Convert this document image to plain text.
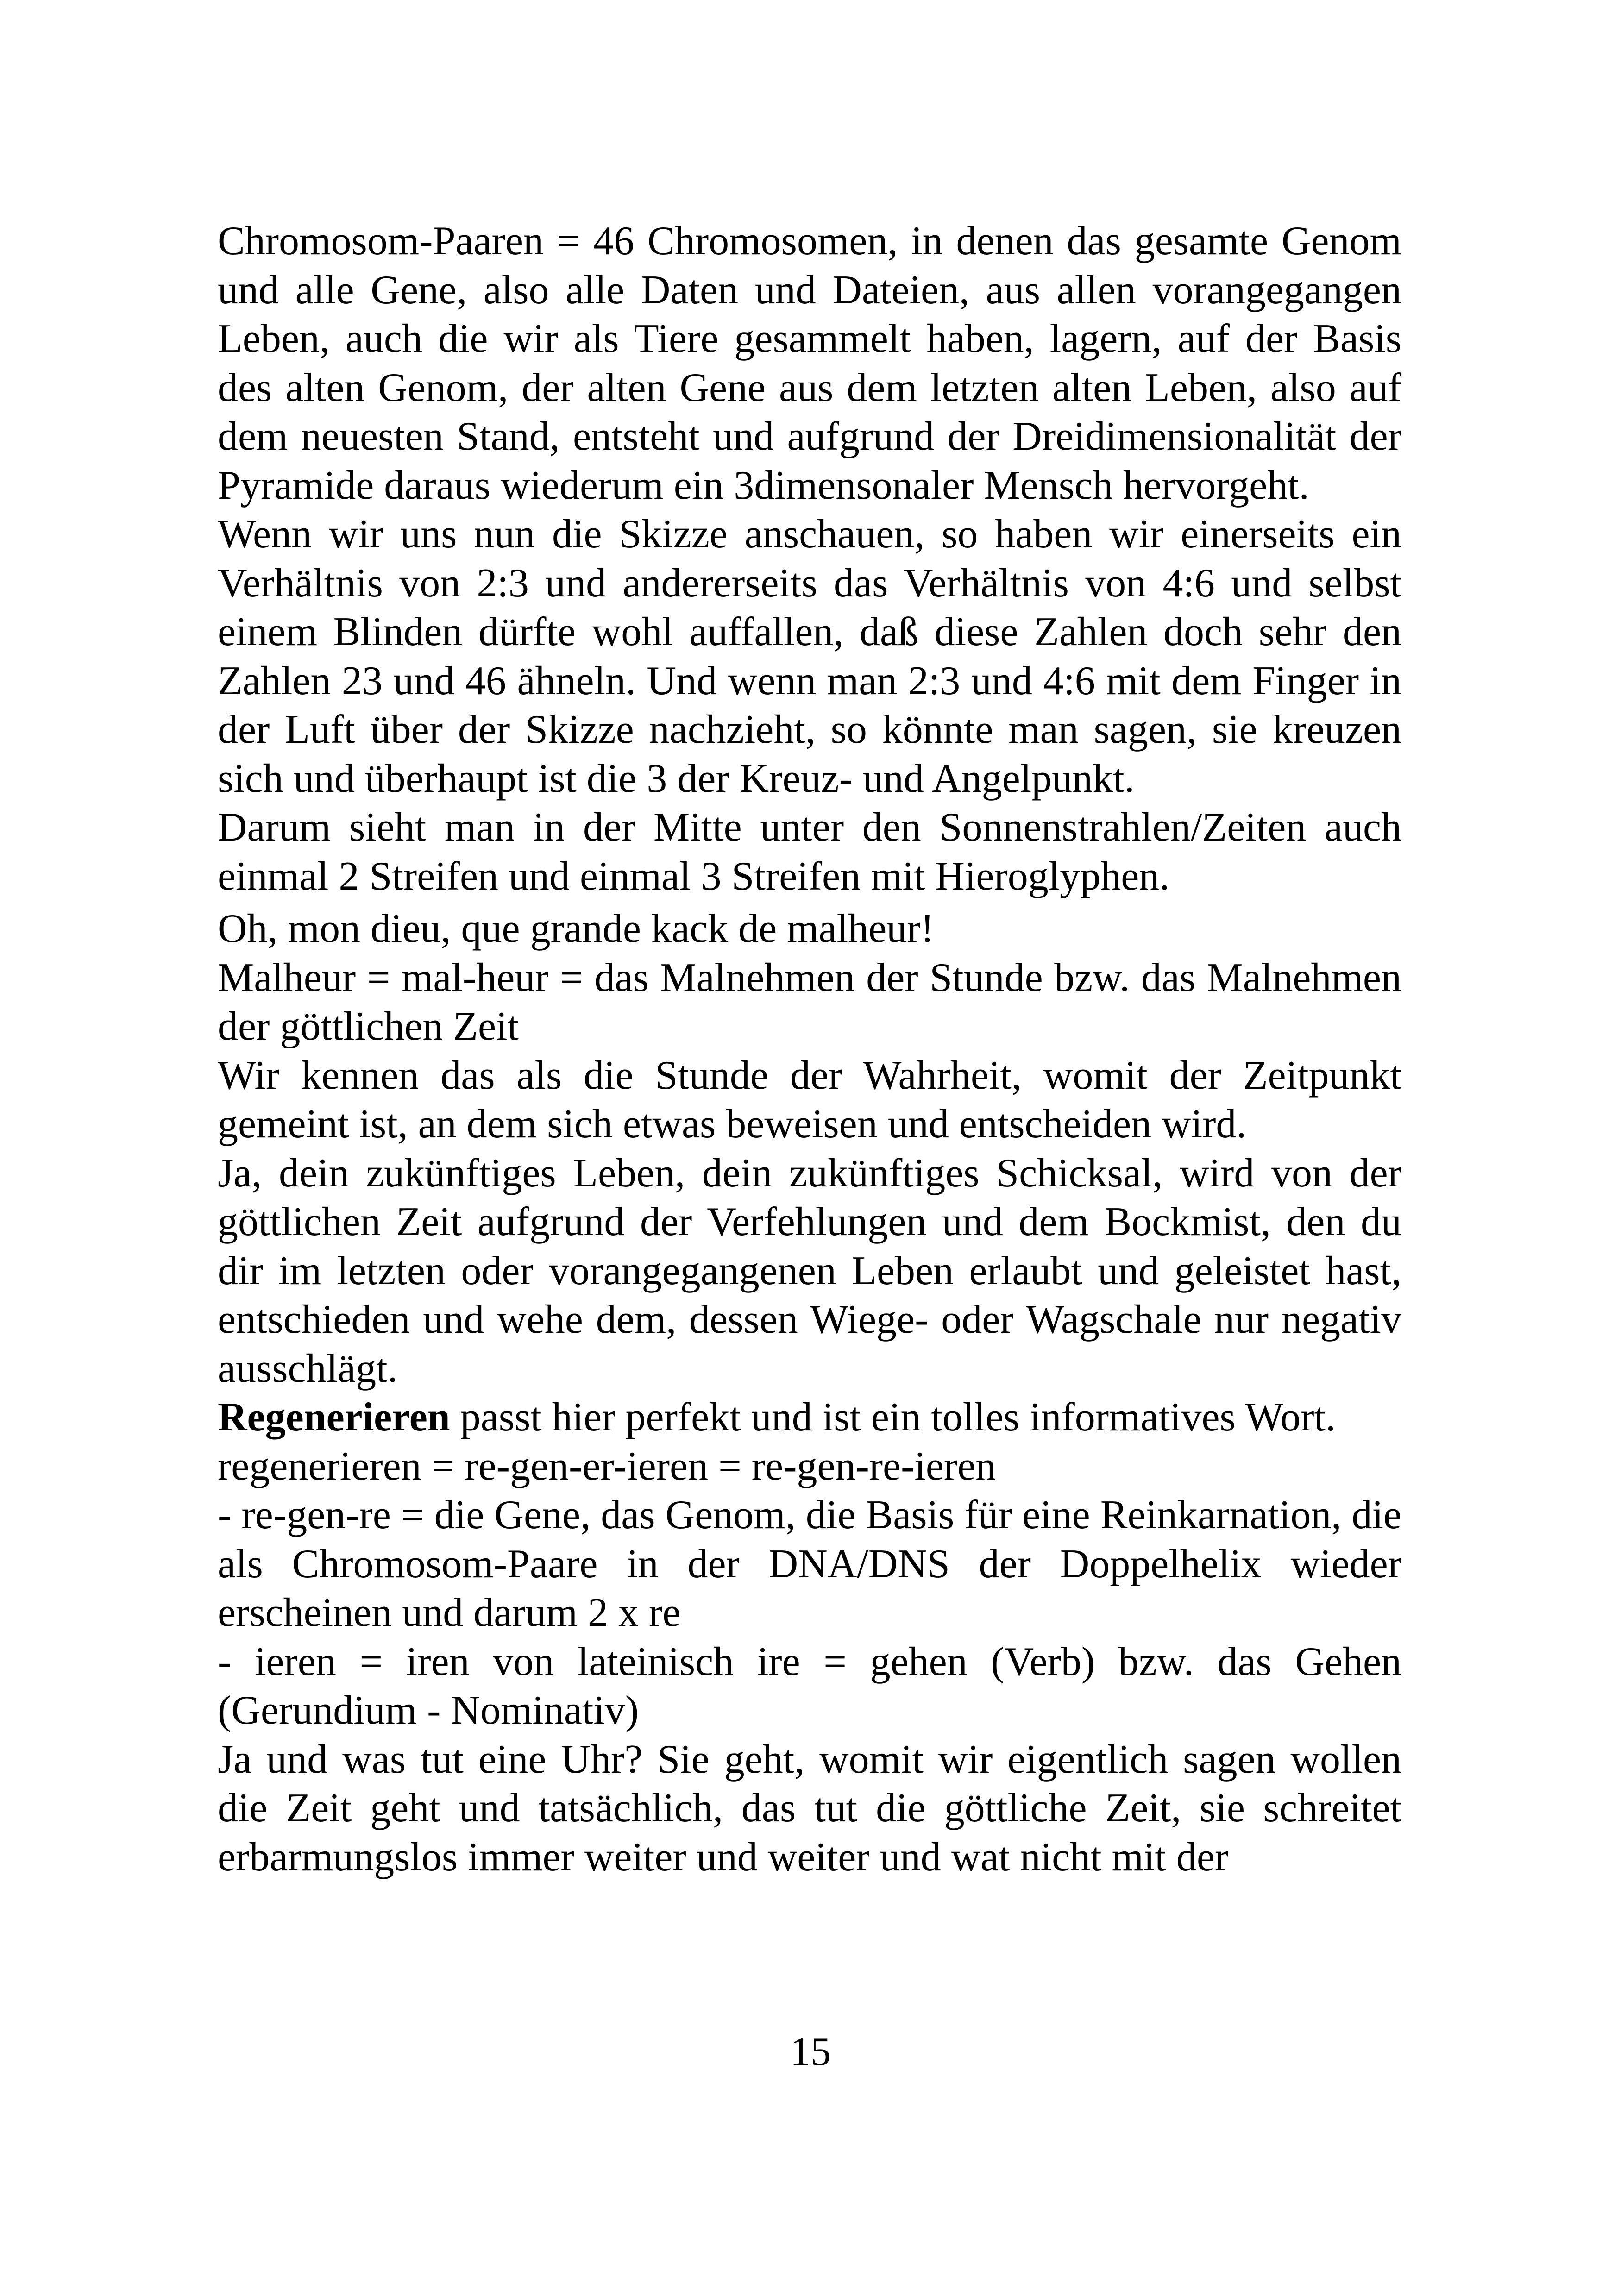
Chromosom-Paaren = 46 Chromosomen, in denen das gesamte Genom und alle Gene, also alle Daten und Dateien, aus allen vorangegangen Leben, auch die wir als Tiere gesammelt haben, lagern, auf der Basis des alten Genom, der alten Gene aus dem letzten alten Leben, also auf dem neuesten Stand, entsteht und aufgrund der Dreidimensionalität der Pyramide daraus wiederum ein 3dimensonaler Mensch hervorgeht.

Wenn wir uns nun die Skizze anschauen, so haben wir einerseits ein Verhältnis von 2:3 und andererseits das Verhältnis von 4:6 und selbst einem Blinden dürfte wohl auffallen, daß diese Zahlen doch sehr den Zahlen 23 und 46 ähneln. Und wenn man 2:3 und 4:6 mit dem Finger in der Luft über der Skizze nachzieht, so könnte man sagen, sie kreuzen sich und überhaupt ist die 3 der Kreuz- und Angelpunkt.

Darum sieht man in der Mitte unter den Sonnenstrahlen/Zeiten auch einmal 2 Streifen und einmal 3 Streifen mit Hieroglyphen.

Oh, mon dieu, que grande kack de malheur!

Malheur = mal-heur = das Malnehmen der Stunde bzw. das Malnehmen der göttlichen Zeit

Wir kennen das als die Stunde der Wahrheit, womit der Zeitpunkt gemeint ist, an dem sich etwas beweisen und entscheiden wird.

Ja, dein zukünftiges Leben, dein zukünftiges Schicksal, wird von der göttlichen Zeit aufgrund der Verfehlungen und dem Bockmist, den du dir im letzten oder vorangegangenen Leben erlaubt und geleistet hast, entschieden und wehe dem, dessen Wiege- oder Wagschale nur negativ ausschlägt.

Regenerieren passt hier perfekt und ist ein tolles informatives Wort.

regenerieren = re-gen-er-ieren = re-gen-re-ieren

- re-gen-re = die Gene, das Genom, die Basis für eine Reinkarnation, die als Chromosom-Paare in der DNA/DNS der Doppelhelix wieder erscheinen und darum 2 x re

- ieren = iren von lateinisch ire = gehen (Verb) bzw. das Gehen (Gerundium - Nominativ)

Ja und was tut eine Uhr? Sie geht, womit wir eigentlich sagen wollen die Zeit geht und tatsächlich, das tut die göttliche Zeit, sie schreitet erbarmungslos immer weiter und weiter und wat nicht mit der

15
